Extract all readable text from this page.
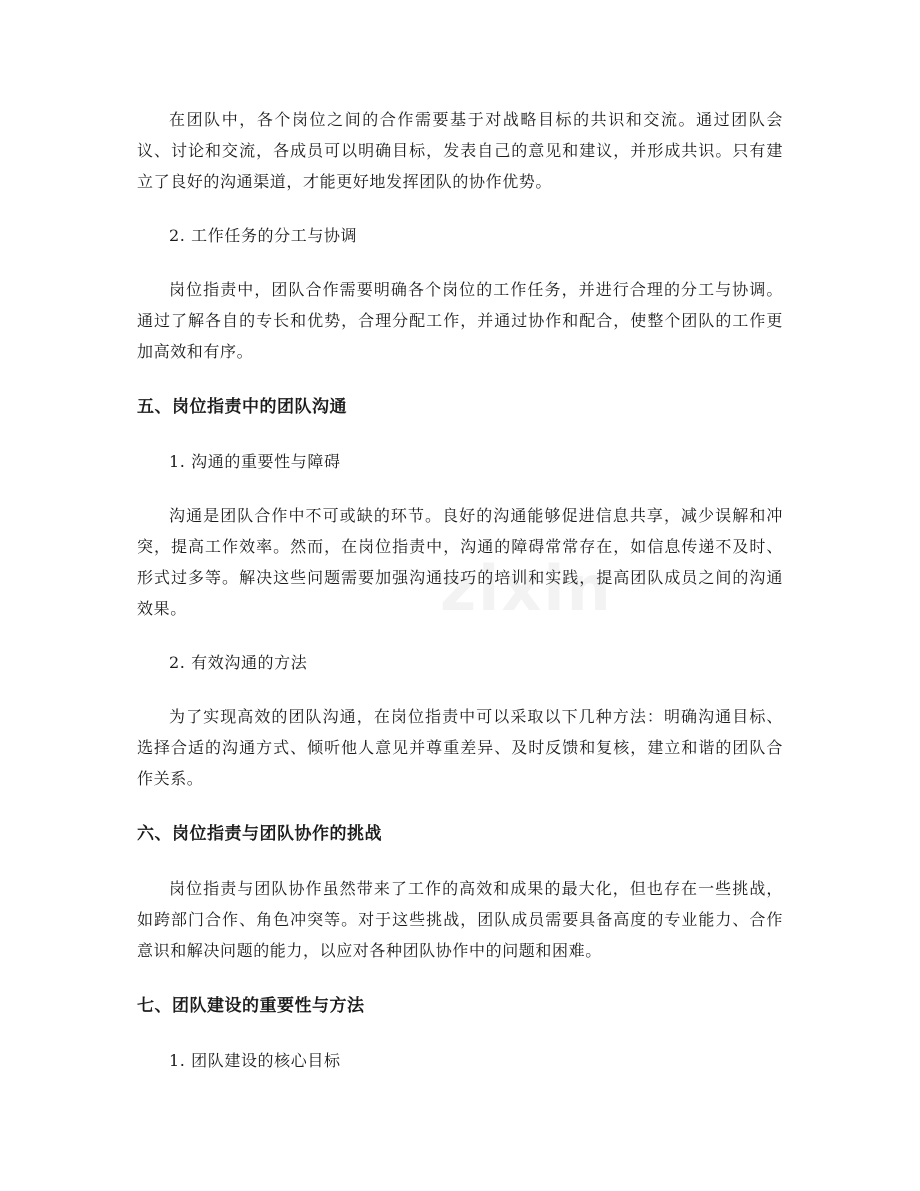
zixin

在团队中，各个岗位之间的合作需要基于对战略目标的共识和交流。通过团队会议、讨论和交流，各成员可以明确目标，发表自己的意见和建议，并形成共识。只有建立了良好的沟通渠道，才能更好地发挥团队的协作优势。

2. 工作任务的分工与协调

岗位指责中，团队合作需要明确各个岗位的工作任务，并进行合理的分工与协调。通过了解各自的专长和优势，合理分配工作，并通过协作和配合，使整个团队的工作更加高效和有序。

五、岗位指责中的团队沟通

1. 沟通的重要性与障碍

沟通是团队合作中不可或缺的环节。良好的沟通能够促进信息共享，减少误解和冲突，提高工作效率。然而，在岗位指责中，沟通的障碍常常存在，如信息传递不及时、形式过多等。解决这些问题需要加强沟通技巧的培训和实践，提高团队成员之间的沟通效果。

2. 有效沟通的方法

为了实现高效的团队沟通，在岗位指责中可以采取以下几种方法：明确沟通目标、选择合适的沟通方式、倾听他人意见并尊重差异、及时反馈和复核，建立和谐的团队合作关系。

六、岗位指责与团队协作的挑战

岗位指责与团队协作虽然带来了工作的高效和成果的最大化，但也存在一些挑战，如跨部门合作、角色冲突等。对于这些挑战，团队成员需要具备高度的专业能力、合作意识和解决问题的能力，以应对各种团队协作中的问题和困难。

七、团队建设的重要性与方法

1. 团队建设的核心目标
